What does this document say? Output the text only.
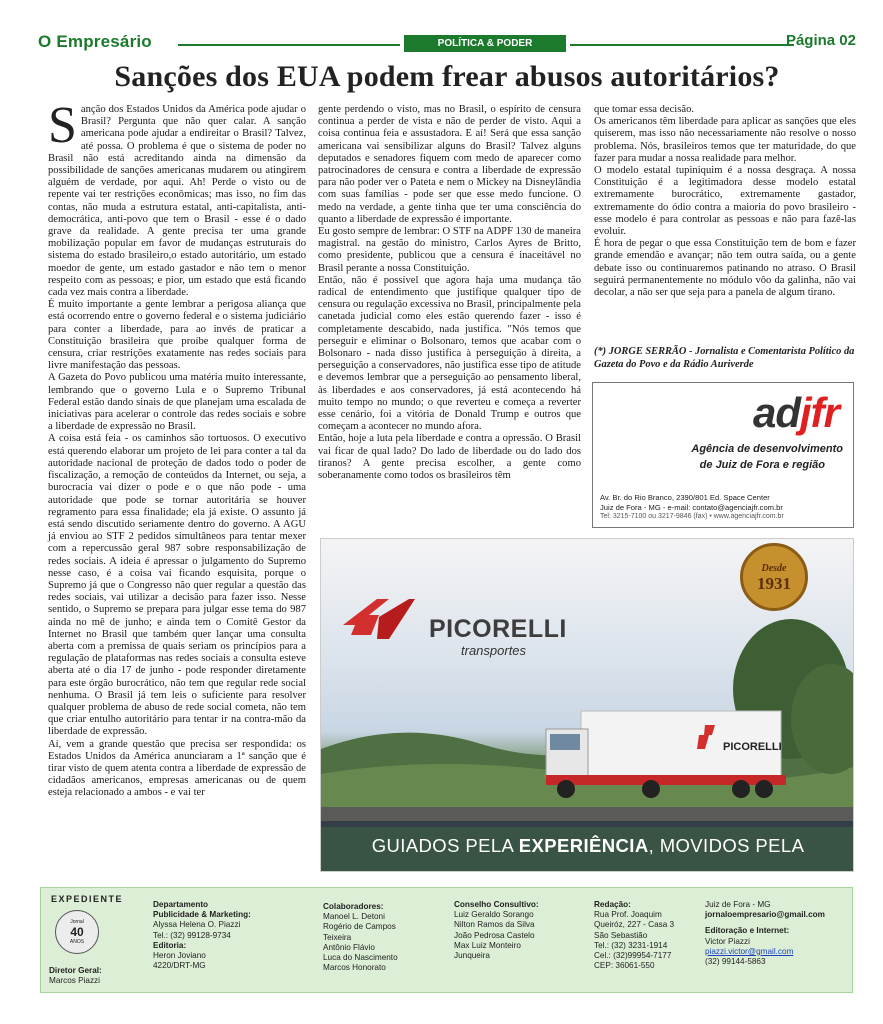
O Empresário	POLÍTICA & PODER	Página 02
Sanções dos EUA podem frear abusos autoritários?
S anção dos Estados Unidos da América pode ajudar o Brasil? Pergunta que não quer calar. A sanção americana pode ajudar a endireitar o Brasil? Talvez, até possa. O problema é que o sistema de poder no Brasil não está acreditando ainda na dimensão da possibilidade de sanções americanas mudarem ou atingirem alguém de verdade, por aqui. Ah! Perde o visto ou de repente vai ter restrições econômicas; mas isso, no fim das contas, não muda a estrutura estatal, anti-capitalista, anti-democrática, anti-povo que tem o Brasil - esse é o dado grave da realidade. A gente precisa ter uma grande mobilização popular em favor de mudanças estruturais do sistema do estado brasileiro,o estado autoritário, um estado moedor de gente, um estado gastador e não tem o menor respeito com as pessoas; e pior, um estado que está ficando cada vez mais contra a liberdade.

É muito importante a gente lembrar a perigosa aliança que está ocorrendo entre o governo federal e o sistema judiciário para conter a liberdade, para ao invés de praticar a Constituição brasileira que proíbe qualquer forma de censura, criar restrições exatamente nas redes sociais para livre manifestação das pessoas.

A Gazeta do Povo publicou uma matéria muito interessante, lembrando que o governo Lula e o Supremo Tribunal Federal estão dando sinais de que planejam uma escalada de iniciativas para acelerar o controle das redes sociais e sobre a liberdade de expressão no Brasil.

A coisa está feia - os caminhos são tortuosos. O executivo está querendo elaborar um projeto de lei para conter a tal da autoridade nacional de proteção de dados todo o poder de fiscalização, a remoção de conteúdos da Internet, ou seja, a burocracia vai dizer o pode e o que não pode - uma autoridade que pode se tornar autoritária se houver regramento para essa finalidade; ela já existe. O assunto já está sendo discutido seriamente dentro do governo. A AGU já enviou ao STF 2 pedidos simultâneos para tentar mexer com a repercussão geral 987 sobre responsabilização de redes sociais. A ideia é apressar o julgamento do Supremo nesse caso, é a coisa vai ficando esquisita, porque o Supremo já que o Congresso não quer regular a questão das redes sociais, vai utilizar a decisão para fazer isso. Nesse sentido, o Supremo se prepara para julgar esse tema do 987 ainda no mê de junho; e ainda tem o Comitê Gestor da Internet no Brasil que também quer lançar uma consulta aberta com a premissa de quais seriam os princípios para a regulação de plataformas nas redes sociais a consulta esteve aberta até o dia 17 de junho - pode responder diretamente para este órgão burocrático, não tem que regular rede social nenhuma. O Brasil já tem leis o suficiente para resolver qualquer problema de abuso de rede social cometa, não tem que criar entulho autoritário para tentar ir na contra-mão da liberdade de expressão.

Aí, vem a grande questão que precisa ser respondida: os Estados Unidos da América anunciaram a 1ª sanção que é tirar visto de quem atenta contra a liberdade de expressão de cidadãos americanos, empresas americanas ou de quem esteja relacionado a ambos - e vai ter

gente perdendo o visto, mas no Brasil, o espírito de censura continua a perder de vista e não de perder de visto. Aqui a coisa continua feia e assustadora. E aí! Será que essa sanção americana vai sensibilizar alguns do Brasil? Talvez alguns deputados e senadores fiquem com medo de aparecer como patrocinadores de censura e contra a liberdade de expressão para não poder ver o Pateta e nem o Mickey na Disneylândia com suas famílias - pode ser que esse medo funcione. O medo na verdade, a gente tinha que ter uma consciência do quanto a liberdade de expressão é importante.

Eu gosto sempre de lembrar: O STF na ADPF 130 de maneira magistral. na gestão do ministro, Carlos Ayres de Britto, como presidente, publicou que a censura é inaceitável no Brasil perante a nossa Constituição.

Então, não é possível que agora haja uma mudança tão radical de entendimento que justifique qualquer tipo de censura ou regulação excessiva no Brasil, principalmente pela canetada judicial como eles estão querendo fazer - isso é completamente descabido, nada justifica. "Nós temos que perseguir e eliminar o Bolsonaro, temos que acabar com o Bolsonaro - nada disso justifica à perseguição à direita, a perseguição a conservadores, não justifica esse tipo de atitude e devemos lembrar que a perseguição ao pensamento liberal, às liberdades e aos conservadores, já está acontecendo há muito tempo no mundo; o que reverteu e começa a reverter esse cenário, foi a vitória de Donald Trump e outros que começam a acontecer no mundo afora.

Então, hoje a luta pela liberdade e contra a opressão. O Brasil vai ficar de qual lado? Do lado de liberdade ou do lado dos tiranos? A gente precisa escolher, a gente como soberanamente como todos os brasileiros têm

que tomar essa decisão.

Os americanos têm liberdade para aplicar as sanções que eles quiserem, mas isso não necessariamente não resolve o nosso problema. Nós, brasileiros temos que ter maturidade, do que fazer para mudar a nossa realidade para melhor.

O modelo estatal tupiniquim é a nossa desgraça. A nossa Constituição é a legitimadora desse modelo estatal extremamente burocrático, extremamente gastador, extremamente do ódio contra a maioria do povo brasileiro - esse modelo é para controlar as pessoas e não para fazê-las evoluir.

É hora de pegar o que essa Constituição tem de bom e fazer grande emendão e avançar; não tem outra saída, ou a gente debate isso ou continuaremos patinando no atraso. O Brasil seguirá permanentemente no módulo vôo da galinha, não vai decolar, a não ser que seja para a panela de algum tirano.

(*) JORGE SERRÃO - Jornalista e Comentarista Político da Gazeta do Povo e da Rádio Auriverde
adjfr
Agência de desenvolvimento
de Juiz de Fora e região
Av. Br. do Rio Branco, 2390/801 Ed. Space Center
Juiz de Fora - MG - e-mail: contato@agenciajfr.com.br
Tel: 3215-7100 ou 3217-9846 (fax) • www.agenciajfr.com.br
PICORELLI
transportes
Desde
1931
PICORELLI
GUIADOS PELA EXPERIÊNCIA, MOVIDOS PELA
EXPEDIENTE
Jornal
40
ANOS
Diretor Geral:
Marcos Piazzi
Departamento
Publicidade & Marketing:
Alyssa Helena O. Piazzi
Tel.: (32) 99128-9734
Editoria:
Heron Joviano
4220/DRT-MG
Colaboradores:
Manoel L. Detoni
Rogério de Campos
Teixeira
Antônio Flávio
Luca do Nascimento
Marcos Honorato
Conselho Consultivo:
Luiz Geraldo Sorango
Nilton Ramos da Silva
João Pedrosa Castelo
Max Luiz Monteiro
Junqueira
Redação:
Rua Prof. Joaquim
Queiróz, 227 - Casa 3
São Sebastião
Tel.: (32) 3231-1914
Cel.: (32)99954-7177
CEP: 36061-550
Juiz de Fora - MG
jornaloempresario@gmail.com
Editoração e Internet:
Victor Piazzi
piazzi.victor@gmail.com
(32) 99144-5863
